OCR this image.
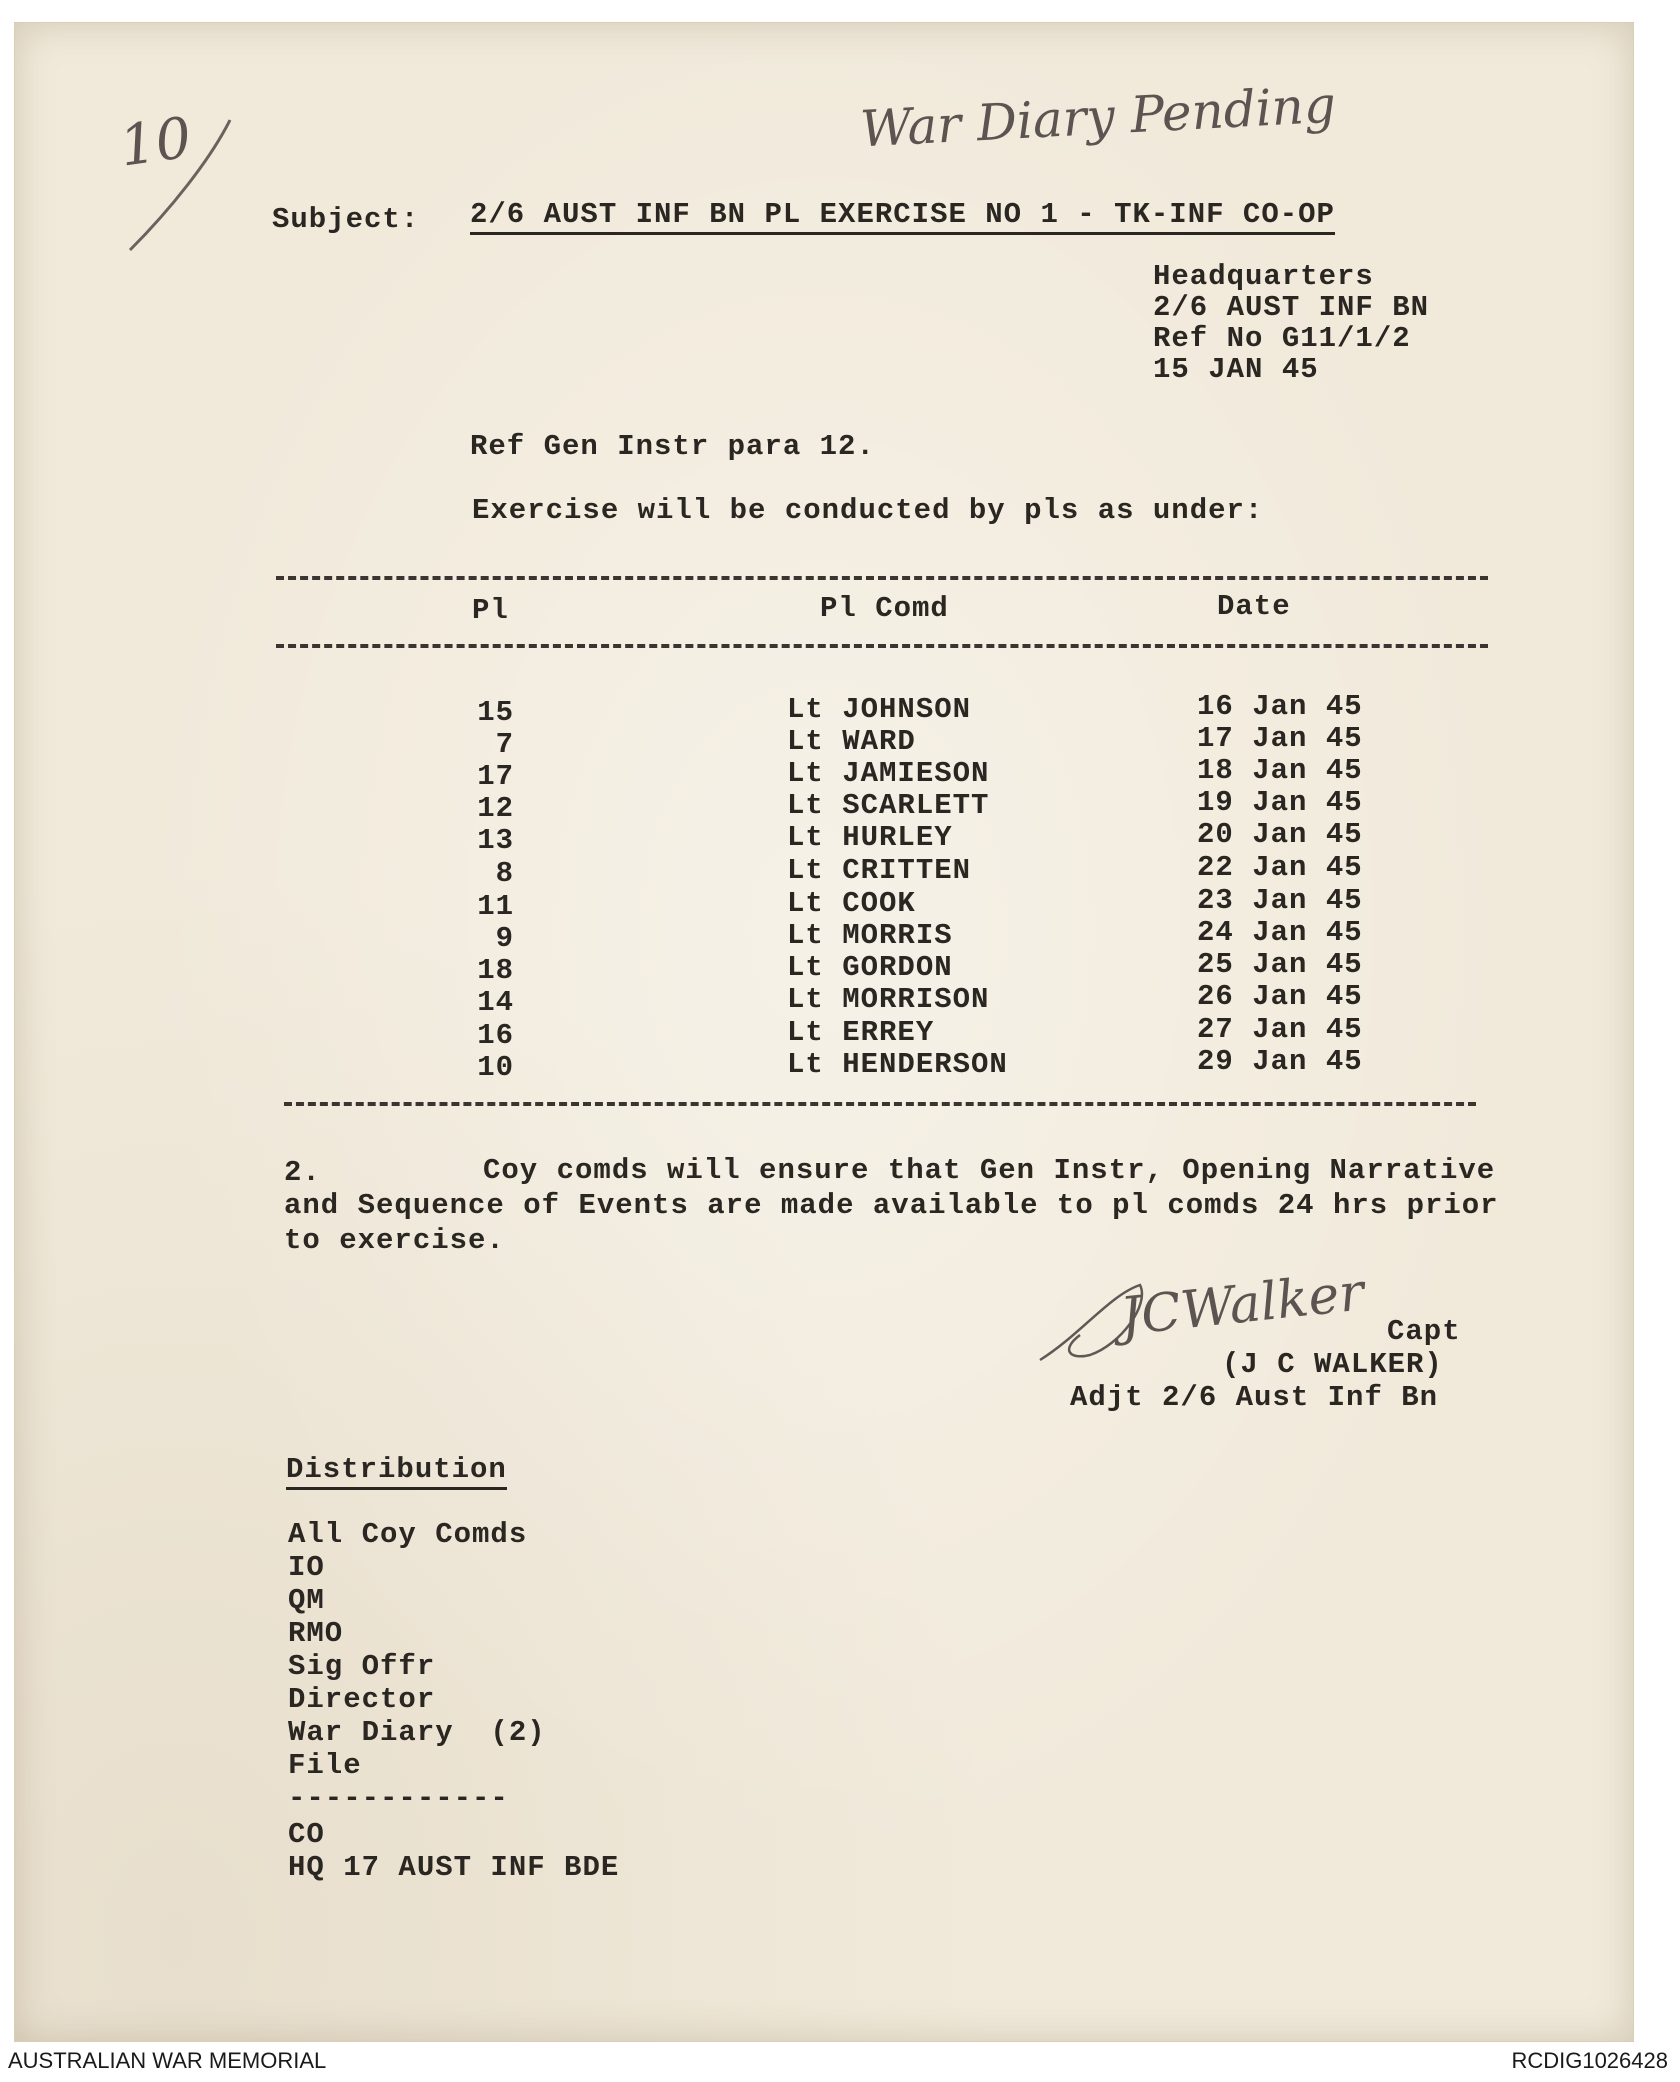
10	War Diary Pending
Subject: 2/6 AUST INF BN PL EXERCISE NO 1 - TK-INF CO-OP
Headquarters
2/6 AUST INF BN
Ref No G11/1/2
15 JAN 45
Ref Gen Instr para 12.
Exercise will be conducted by pls as under:
Pl	Pl Comd	Date
15	Lt JOHNSON	16 Jan 45
7	Lt WARD	17 Jan 45
17	Lt JAMIESON	18 Jan 45
12	Lt SCARLETT	19 Jan 45
13	Lt HURLEY	20 Jan 45
8	Lt CRITTEN	22 Jan 45
11	Lt COOK	23 Jan 45
9	Lt MORRIS	24 Jan 45
18	Lt GORDON	25 Jan 45
14	Lt MORRISON	26 Jan 45
16	Lt ERREY	27 Jan 45
10	Lt HENDERSON	29 Jan 45
2.	Coy comds will ensure that Gen Instr, Opening Narrative
and Sequence of Events are made available to pl comds 24 hrs prior
to exercise.
JCWalker Capt
(J C WALKER)
Adjt 2/6 Aust Inf Bn
Distribution
All Coy Comds
IO
QM
RMO
Sig Offr
Director
War Diary  (2)
File
------------
CO
HQ 17 AUST INF BDE
AUSTRALIAN WAR MEMORIAL	RCDIG1026428
